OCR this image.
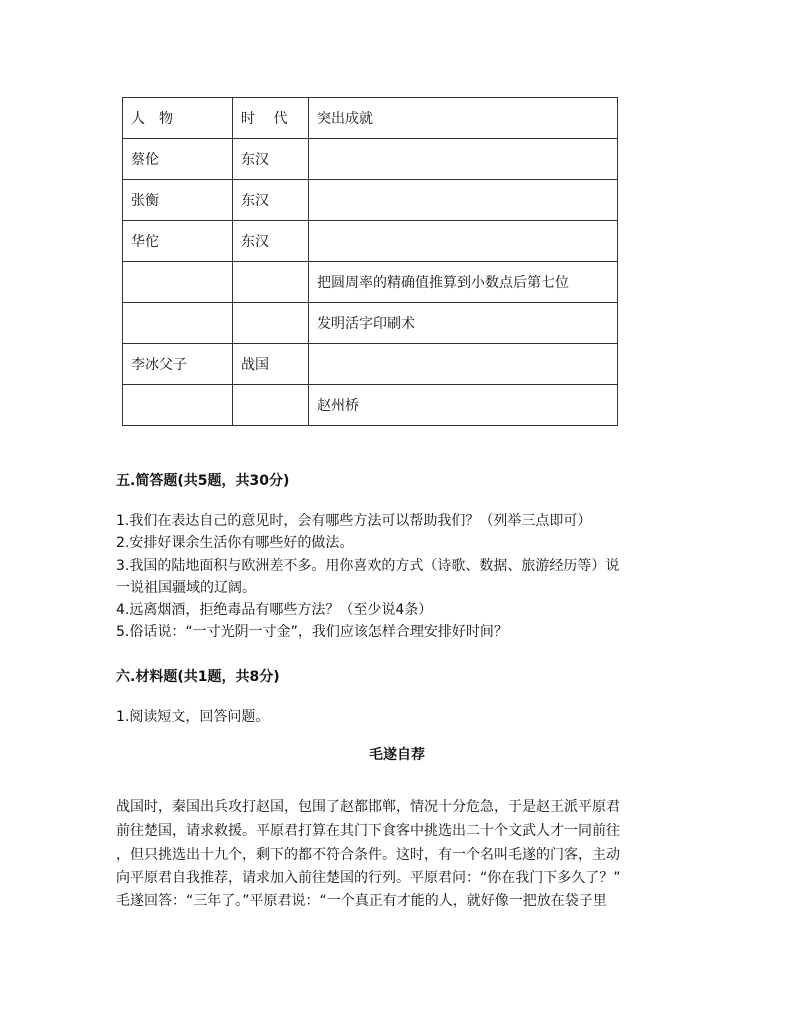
人　物	时　 代	突出成就
蔡伦	东汉	
张衡	东汉	
华佗	东汉	
		把圆周率的精确值推算到小数点后第七位
		发明活字印刷术
李冰父子	战国	
		赵州桥
五.简答题(共5题，共30分)
1.我们在表达自己的意见时，会有哪些方法可以帮助我们？（列举三点即可）
2.安排好课余生活你有哪些好的做法。
3.我国的陆地面积与欧洲差不多。用你喜欢的方式（诗歌、数据、旅游经历等）说
一说祖国疆域的辽阔。
4.远离烟酒，拒绝毒品有哪些方法？（至少说4条）
5.俗话说：“一寸光阴一寸金”，我们应该怎样合理安排好时间？
六.材料题(共1题，共8分)
1.阅读短文，回答问题。
毛遂自荐
战国时，秦国出兵攻打赵国，包围了赵都邯郸，情况十分危急，于是赵王派平原君
前往楚国，请求救援。平原君打算在其门下食客中挑选出二十个文武人才一同前往
，但只挑选出十九个，剩下的都不符合条件。这时，有一个名叫毛遂的门客，主动
向平原君自我推荐，请求加入前往楚国的行列。平原君问：“你在我门下多久了？”
毛遂回答：“三年了。”平原君说：“一个真正有才能的人，就好像一把放在袋子里
